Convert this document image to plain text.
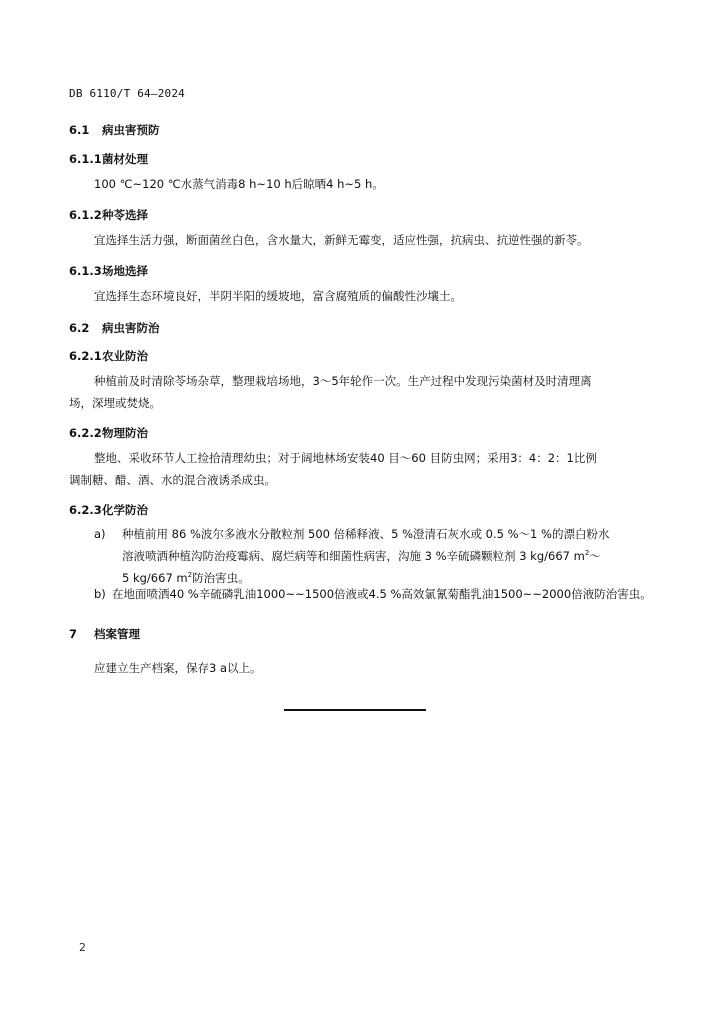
DB 6110/T 64—2024
6.1 病虫害预防
6.1.1菌材处理
100 ℃~120 ℃水蒸气消毒8 h~10 h后晾晒4 h~5 h。
6.1.2种苓选择
宜选择生活力强，断面菌丝白色，含水量大，新鲜无霉变，适应性强，抗病虫、抗逆性强的新苓。
6.1.3场地选择
宜选择生态环境良好，半阴半阳的缓坡地，富含腐殖质的偏酸性沙壤土。
6.2 病虫害防治
6.2.1农业防治
种植前及时清除苓场杂草，整理栽培场地，3～5年轮作一次。生产过程中发现污染菌材及时清理离
场，深埋或焚烧。
6.2.2物理防治
整地、采收环节人工捡拾清理幼虫；对于阔地林场安装40 目～60 目防虫网；采用3：4：2：1比例
调制糖、醋、酒、水的混合液诱杀成虫。
6.2.3化学防治
a) 种植前用 86 %波尔多液水分散粒剂 500 倍稀释液、5 %澄清石灰水或 0.5 %～1 %的漂白粉水
溶液喷洒种植沟防治疫霉病、腐烂病等和细菌性病害，沟施 3 %辛硫磷颗粒剂 3 kg/667 $m^2\sim$
5 kg/667 $m^2$防治害虫。
b) 在地面喷洒40 %辛硫磷乳油1000~~1500倍液或4.5 %高效氯氰菊酯乳油1500~~2000倍液防治害虫。
7 档案管理
应建立生产档案，保存3 a以上。
2
